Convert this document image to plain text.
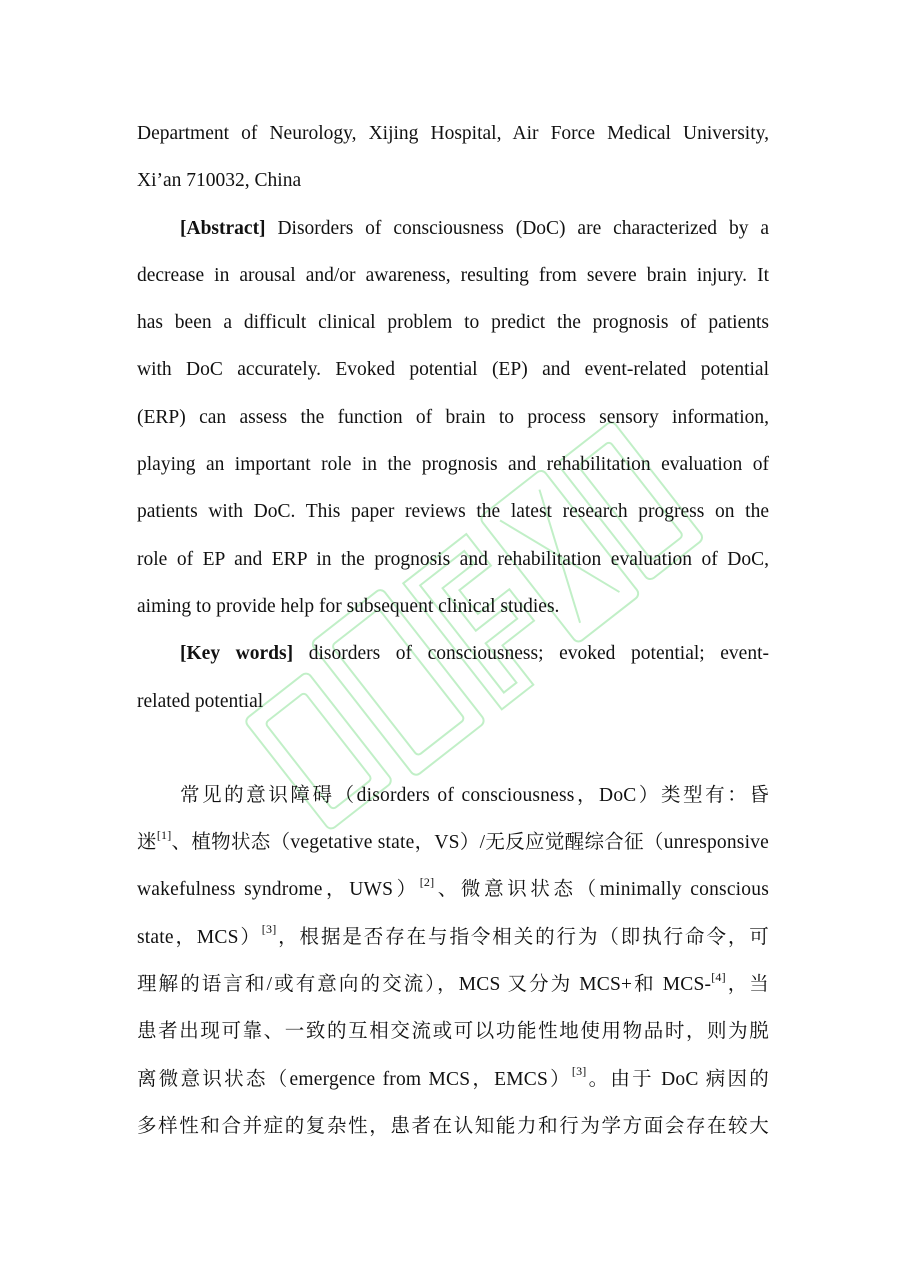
Department of Neurology, Xijing Hospital, Air Force Medical University,
Xi’an 710032, China
[Abstract] Disorders of consciousness (DoC) are characterized by a
decrease in arousal and/or awareness, resulting from severe brain injury. It
has been a difficult clinical problem to predict the prognosis of patients
with DoC accurately. Evoked potential (EP) and event-related potential
(ERP) can assess the function of brain to process sensory information,
playing an important role in the prognosis and rehabilitation evaluation of
patients with DoC. This paper reviews the latest research progress on the
role of EP and ERP in the prognosis and rehabilitation evaluation of DoC,
aiming to provide help for subsequent clinical studies.
[Key words] disorders of consciousness; evoked potential; event-
related potential
常见的意识障碍（disorders of consciousness，DoC）类型有：昏
迷[1]、植物状态（vegetative state，VS）/无反应觉醒综合征（unresponsive
wakefulness syndrome，UWS）[2]、微意识状态（minimally conscious
state，MCS）[3]，根据是否存在与指令相关的行为（即执行命令，可
理解的语言和/或有意向的交流），MCS 又分为 MCS+和 MCS-[4]，当
患者出现可靠、一致的互相交流或可以功能性地使用物品时，则为脱
离微意识状态（emergence from MCS，EMCS）[3]。由于 DoC 病因的
多样性和合并症的复杂性，患者在认知能力和行为学方面会存在较大
